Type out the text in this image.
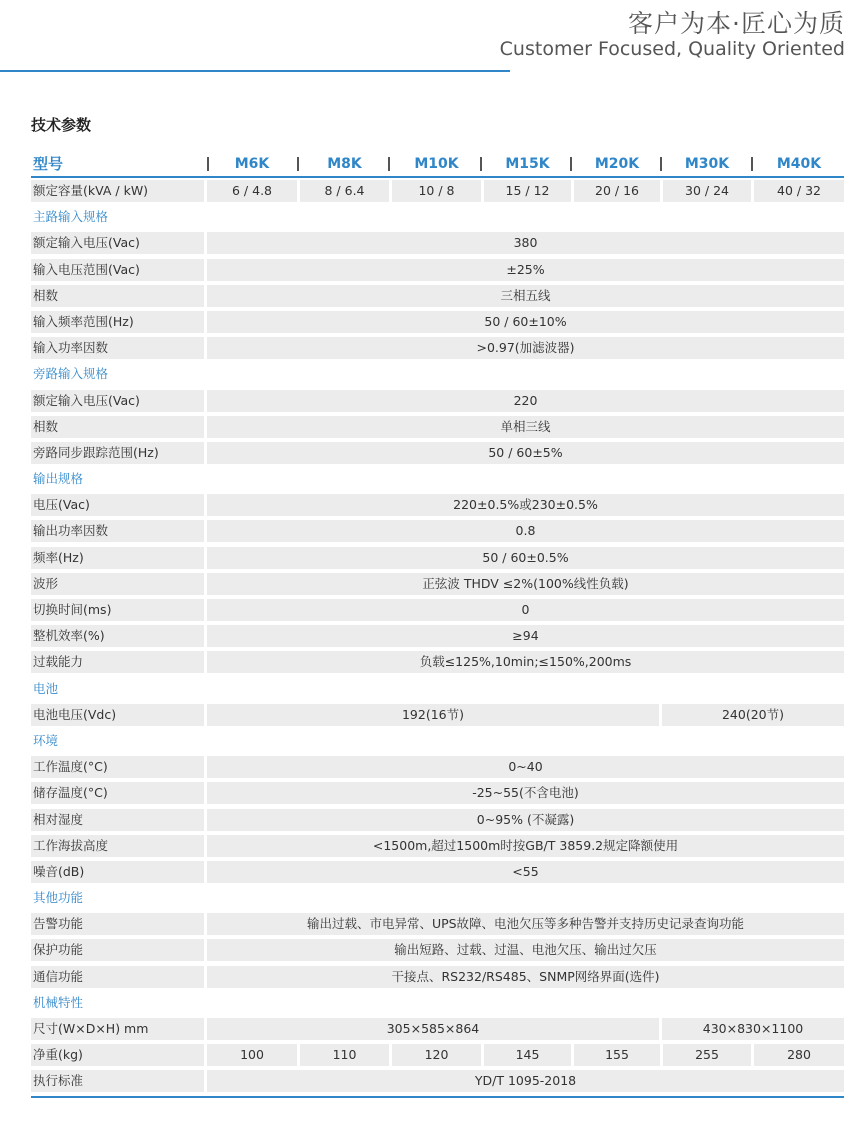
客户为本·匠心为质
Customer Focused, Quality Oriented
技术参数
型号	M6K	M8K	M10K	M15K	M20K	M30K	M40K
额定容量(kVA / kW)	6 / 4.8	8 / 6.4	10 / 8	15 / 12	20 / 16	30 / 24	40 / 32
主路输入规格
额定输入电压(Vac)	380
输入电压范围(Vac)	±25%
相数	三相五线
输入频率范围(Hz)	50 / 60±10%
输入功率因数	>0.97(加滤波器)
旁路输入规格
额定输入电压(Vac)	220
相数	单相三线
旁路同步跟踪范围(Hz)	50 / 60±5%
输出规格
电压(Vac)	220±0.5%或230±0.5%
输出功率因数	0.8
频率(Hz)	50 / 60±0.5%
波形	正弦波 THDV ≤2%(100%线性负载)
切换时间(ms)	0
整机效率(%)	≥94
过载能力	负载≤125%,10min;≤150%,200ms
电池
电池电压(Vdc)	192(16节)	240(20节)
环境
工作温度(°C)	0~40
储存温度(°C)	-25~55(不含电池)
相对湿度	0~95% (不凝露)
工作海拔高度	<1500m,超过1500m时按GB/T 3859.2规定降额使用
噪音(dB)	<55
其他功能
告警功能	输出过载、市电异常、UPS故障、电池欠压等多种告警并支持历史记录查询功能
保护功能	输出短路、过载、过温、电池欠压、输出过欠压
通信功能	干接点、RS232/RS485、SNMP网络界面(选件)
机械特性
尺寸(W×D×H) mm	305×585×864	430×830×1100
净重(kg)	100	110	120	145	155	255	280
执行标准	YD/T 1095-2018
